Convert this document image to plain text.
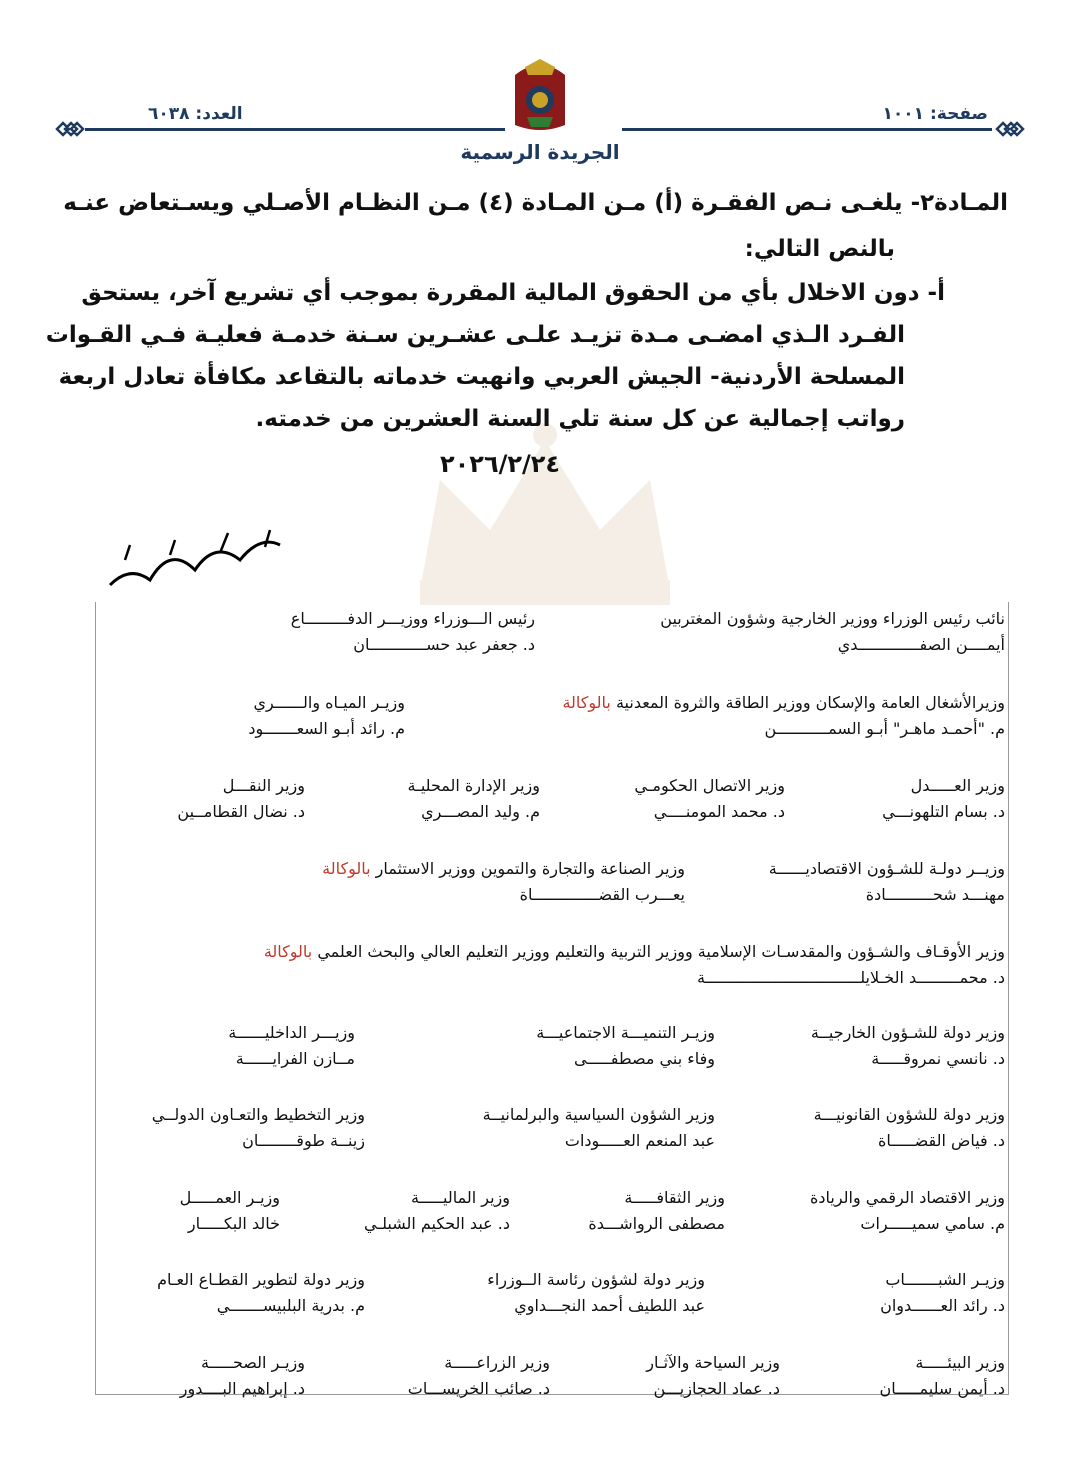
صفحة: ١٠٠١
العدد: ٦٠٣٨
الجريدة الرسمية
المـادة٢- يلغـى نـص الفقـرة (أ) مـن المـادة (٤) مـن النظـام الأصـلي ويسـتعاض عنـه
بالنص التالي:
أ- دون الاخلال بأي من الحقوق المالية المقررة بموجب أي تشريع آخر، يستحق
الفـرد الـذي امضـى مـدة تزيـد علـى عشـرين سـنة خدمـة فعليـة فـي القـوات
المسلحة الأردنية- الجيش العربي وانهيت خدماته بالتقاعد مكافأة تعادل اربعة
رواتب إجمالية عن كل سنة تلي السنة العشرين من خدمته.
٢٠٢٦/٢/٢٤
نائب رئيس الوزراء ووزير الخارجية وشؤون المغتربين
أيمــــن الصفـــــــــــــدي
رئيس الـــوزراء ووزيـــر الدفـــــــــاع
د. جعفر عبد حســــــــــــان
وزيرالأشغال العامة والإسكان ووزير الطاقة والثروة المعدنية بالوكالة
م. "أحمـد ماهـر" أبـو السمـــــــــــن
وزيـر الميـاه والــــــري
م. رائد أبـو السعـــــــود
وزير العـــــدل
د. بسام التلهونـــي
وزير الاتصال الحكومـي
د. محمد المومنــــي
وزير الإدارة المحليـة
م. وليد المصـــري
وزير النقـــل
د. نضال القطامــين
وزيــر دولـة للشـؤون الاقتصاديــــــة
مهنـــد شحــــــــــادة
وزير الصناعة والتجارة والتموين ووزير الاستثمار بالوكالة
يعـــرب القضــــــــــــــاة
وزير الأوقـاف والشـؤون والمقدسـات الإسلامية ووزير التربية والتعليم ووزير التعليم العالي والبحث العلمي بالوكالة
د. محمـــــــــد الخـلايلـــــــــــــــــــــــــــــــــة
وزير دولة للشـؤون الخارجيــة
د. نانسي نمروقـــــة
وزيـر التنميـــة الاجتماعيـــة
وفاء بني مصطفـــــى
وزيـــر الداخليــــــة
مــازن الفرايــــــة
وزير دولة للشؤون القانونيـــة
د. فياض القضـــــاة
وزير الشؤون السياسية والبرلمانيــة
عبد المنعم العـــــودات
وزير التخطيط والتعـاون الدولــي
زينــة طوقــــــــان
وزير الاقتصاد الرقمي والريادة
م. سامي سميـــــرات
وزير الثقافـــــة
مصطفى الرواشـــدة
وزير الماليـــــة
د. عبد الحكيم الشبلـي
وزيـر العمـــــل
خالد البكـــــار
وزيـر الشبـــــــاب
د. رائد العــــــدوان
وزير دولة لشؤون رئاسة الــوزراء
عبد اللطيف أحمد النجـــداوي
وزير دولة لتطوير القطـاع العـام
م. بدرية البلبيســـــــي
وزير البيئـــــة
د. أيمن سليمـــــان
وزير السياحة والآثـار
د. عماد الحجازيـــن
وزير الزراعـــــة
د. صائب الخريســـات
وزيـر الصحـــــة
د. إبراهيم البــــدور
